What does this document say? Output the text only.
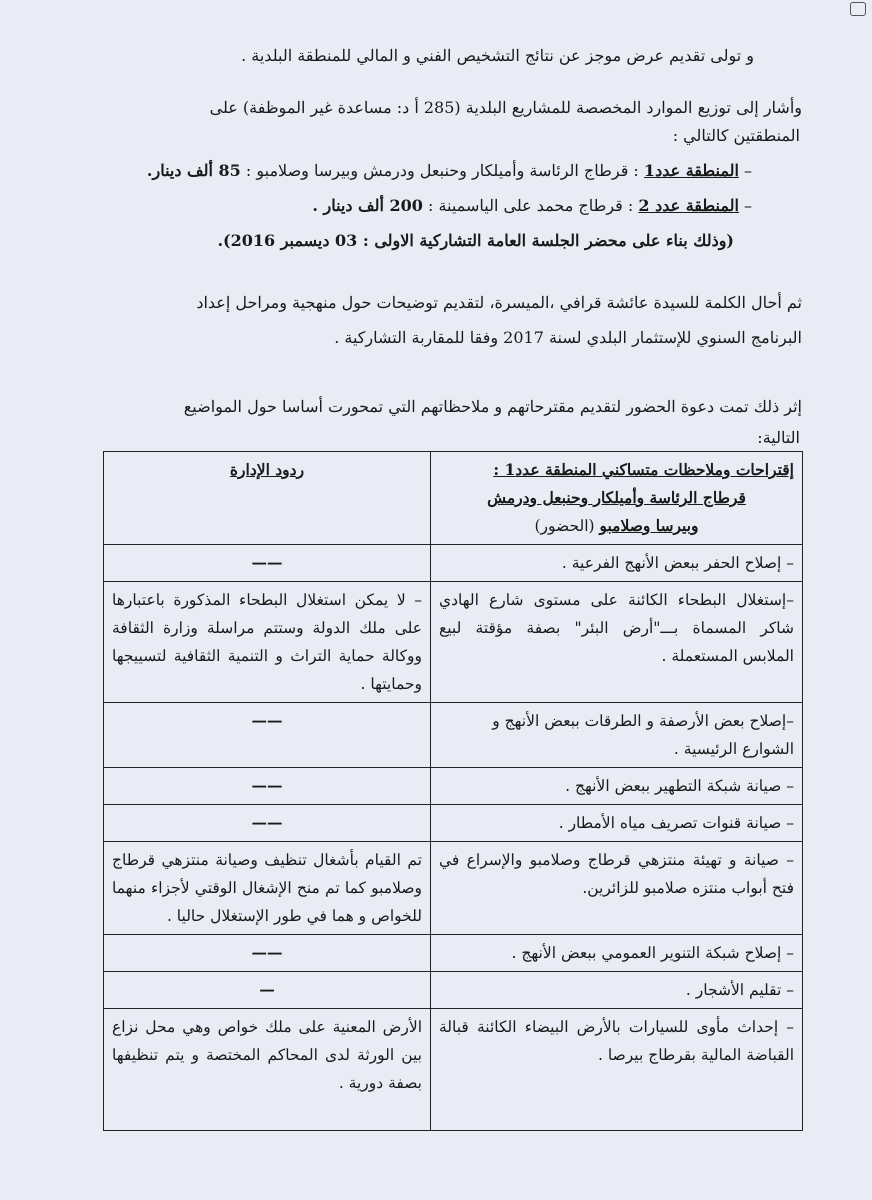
و تولى تقديم عرض موجز عن نتائج التشخيص الفني و المالي للمنطقة البلدية .
وأشار إلى توزيع الموارد المخصصة للمشاريع البلدية (285 أ د: مساعدة غير الموظفة) على
المنطقتين كالتالي :
– المنطقة عدد1 : قرطاج الرئاسة وأميلكار وحنبعل ودرمش وبيرسا وصلامبو : 85 ألف دينار.
– المنطقة عدد 2 : قرطاج محمد على الياسمينة : 200 ألف دينار .
(وذلك بناء على محضر الجلسة العامة التشاركية الاولى : 03 ديسمبر 2016).
ثم أحال الكلمة للسيدة عائشة قرافي ،الميسرة، لتقديم توضيحات حول منهجية ومراحل إعداد
البرنامج السنوي للإستثمار البلدي لسنة 2017 وفقا للمقاربة التشاركية .
إثر ذلك تمت دعوة الحضور لتقديم مقترحاتهم و ملاحظاتهم التي تمحورت أساسا حول المواضيع
التالية:
إقتراحات وملاحظات متساكني المنطقة عدد1 :
قرطاج الرئاسة وأميلكار وحنبعل ودرمش
وبيرسا وصلامبو (الحضور)	ردود الإدارة

– إصلاح الحفر ببعض الأنهج الفرعية .	——

–إستغلال البطحاء الكائنة على مستوى شارع الهادي شاكر المسماة بـــ"أرض البئر" بصفة مؤقتة لبيع الملابس المستعملة .	– لا يمكن استغلال البطحاء المذكورة باعتبارها على ملك الدولة وستتم مراسلة وزارة الثقافة ووكالة حماية التراث و التنمية الثقافية لتسييجها وحمايتها .
–إصلاح بعض الأرصفة و الطرقات ببعض الأنهج و الشوارع الرئيسية .	——

– صيانة شبكة التطهير ببعض الأنهج .	——

– صيانة قنوات تصريف مياه الأمطار .	——

– صيانة و تهيئة منتزهي قرطاج وصلامبو والإسراع في فتح أبواب منتزه صلامبو للزائرين.	تم القيام بأشغال تنظيف وصيانة منتزهي قرطاج وصلامبو كما تم منح الإشغال الوقتي لأجزاء منهما للخواص و هما في طور الإستغلال حاليا .
– إصلاح شبكة التنوير العمومي ببعض الأنهج .	——

– تقليم الأشجار .	—

– إحداث مأوى للسيارات بالأرض البيضاء الكائنة قبالة القباضة المالية بقرطاج بيرصا .	الأرض المعنية على ملك خواص وهي محل نزاع بين الورثة لدى المحاكم المختصة و يتم تنظيفها بصفة دورية .
